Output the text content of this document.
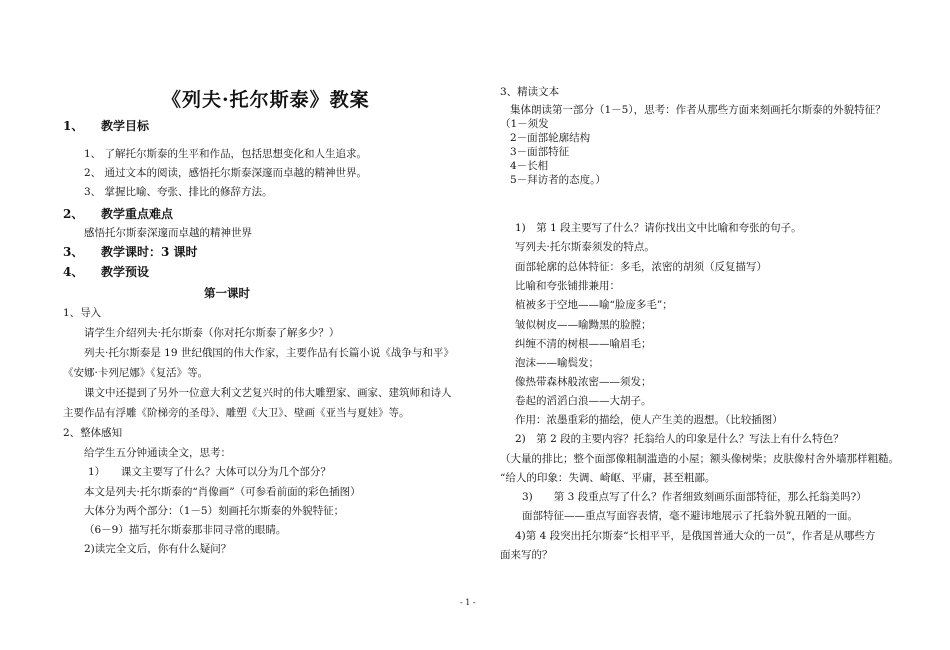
《列夫·托尔斯泰》教案
1、 教学目标
1、 了解托尔斯泰的生平和作品，包括思想变化和人生追求。
2、 通过文本的阅读，感悟托尔斯泰深邃而卓越的精神世界。
3、 掌握比喻、夸张、排比的修辞方法。
2、 教学重点难点
感悟托尔斯泰深邃而卓越的精神世界
3、 教学课时：3 课时
4、 教学预设
第一课时
1、导入
请学生介绍列夫·托尔斯泰（你对托尔斯泰了解多少？）
列夫·托尔斯泰是 19 世纪俄国的伟大作家，主要作品有长篇小说《战争与和平》
《安娜·卡列尼娜》《复活》等。
课文中还提到了另外一位意大利文艺复兴时的伟大雕塑家、画家、建筑师和诗人
主要作品有浮雕《阶梯旁的圣母》、雕塑《大卫》、壁画《亚当与夏娃》等。
2、整体感知
给学生五分钟通读全文，思考：
1）　　课文主要写了什么？大体可以分为几个部分？
本文是列夫·托尔斯泰的“肖像画”（可参看前面的彩色插图）
大体分为两个部分：（1－5）刻画托尔斯泰的外貌特征；
（6－9）描写托尔斯泰那非同寻常的眼睛。
2)读完全文后，你有什么疑问？
3、精读文本
集体朗读第一部分（1－5），思考：作者从那些方面来刻画托尔斯泰的外貌特征？
（1－须发
2－面部轮廓结构
3－面部特征
4－长相
5－拜访者的态度。）
1)　第 1 段主要写了什么？请你找出文中比喻和夸张的句子。
写列夫·托尔斯泰须发的特点。
面部轮廓的总体特征：多毛，浓密的胡须（反复描写）
比喻和夸张铺排兼用：
植被多于空地——喻“脸庞多毛”；
皱似树皮——喻黝黑的脸膛；
纠缠不清的树根——喻眉毛；
泡沫——喻鬓发；
像热带森林般浓密——须发；
卷起的滔滔白浪——大胡子。
作用：浓墨重彩的描绘，使人产生美的遐想。（比较插图）
2)　第 2 段的主要内容？托翁给人的印象是什么？写法上有什么特色？
（大量的排比；整个面部像粗制滥造的小屋；额头像树柴；皮肤像村舍外墙那样粗糙。
“给人的印象：失调、崎岖、平庸，甚至粗鄙。
3)　　第 3 段重点写了什么？作者细致刻画乐面部特征，那么托翁美吗?）
面部特征——重点写面容表情，毫不避讳地展示了托翁外貌丑陋的一面。
4)第 4 段突出托尔斯泰“长相平平，是俄国普通大众的一员”，作者是从哪些方
面来写的？
- 1 -
